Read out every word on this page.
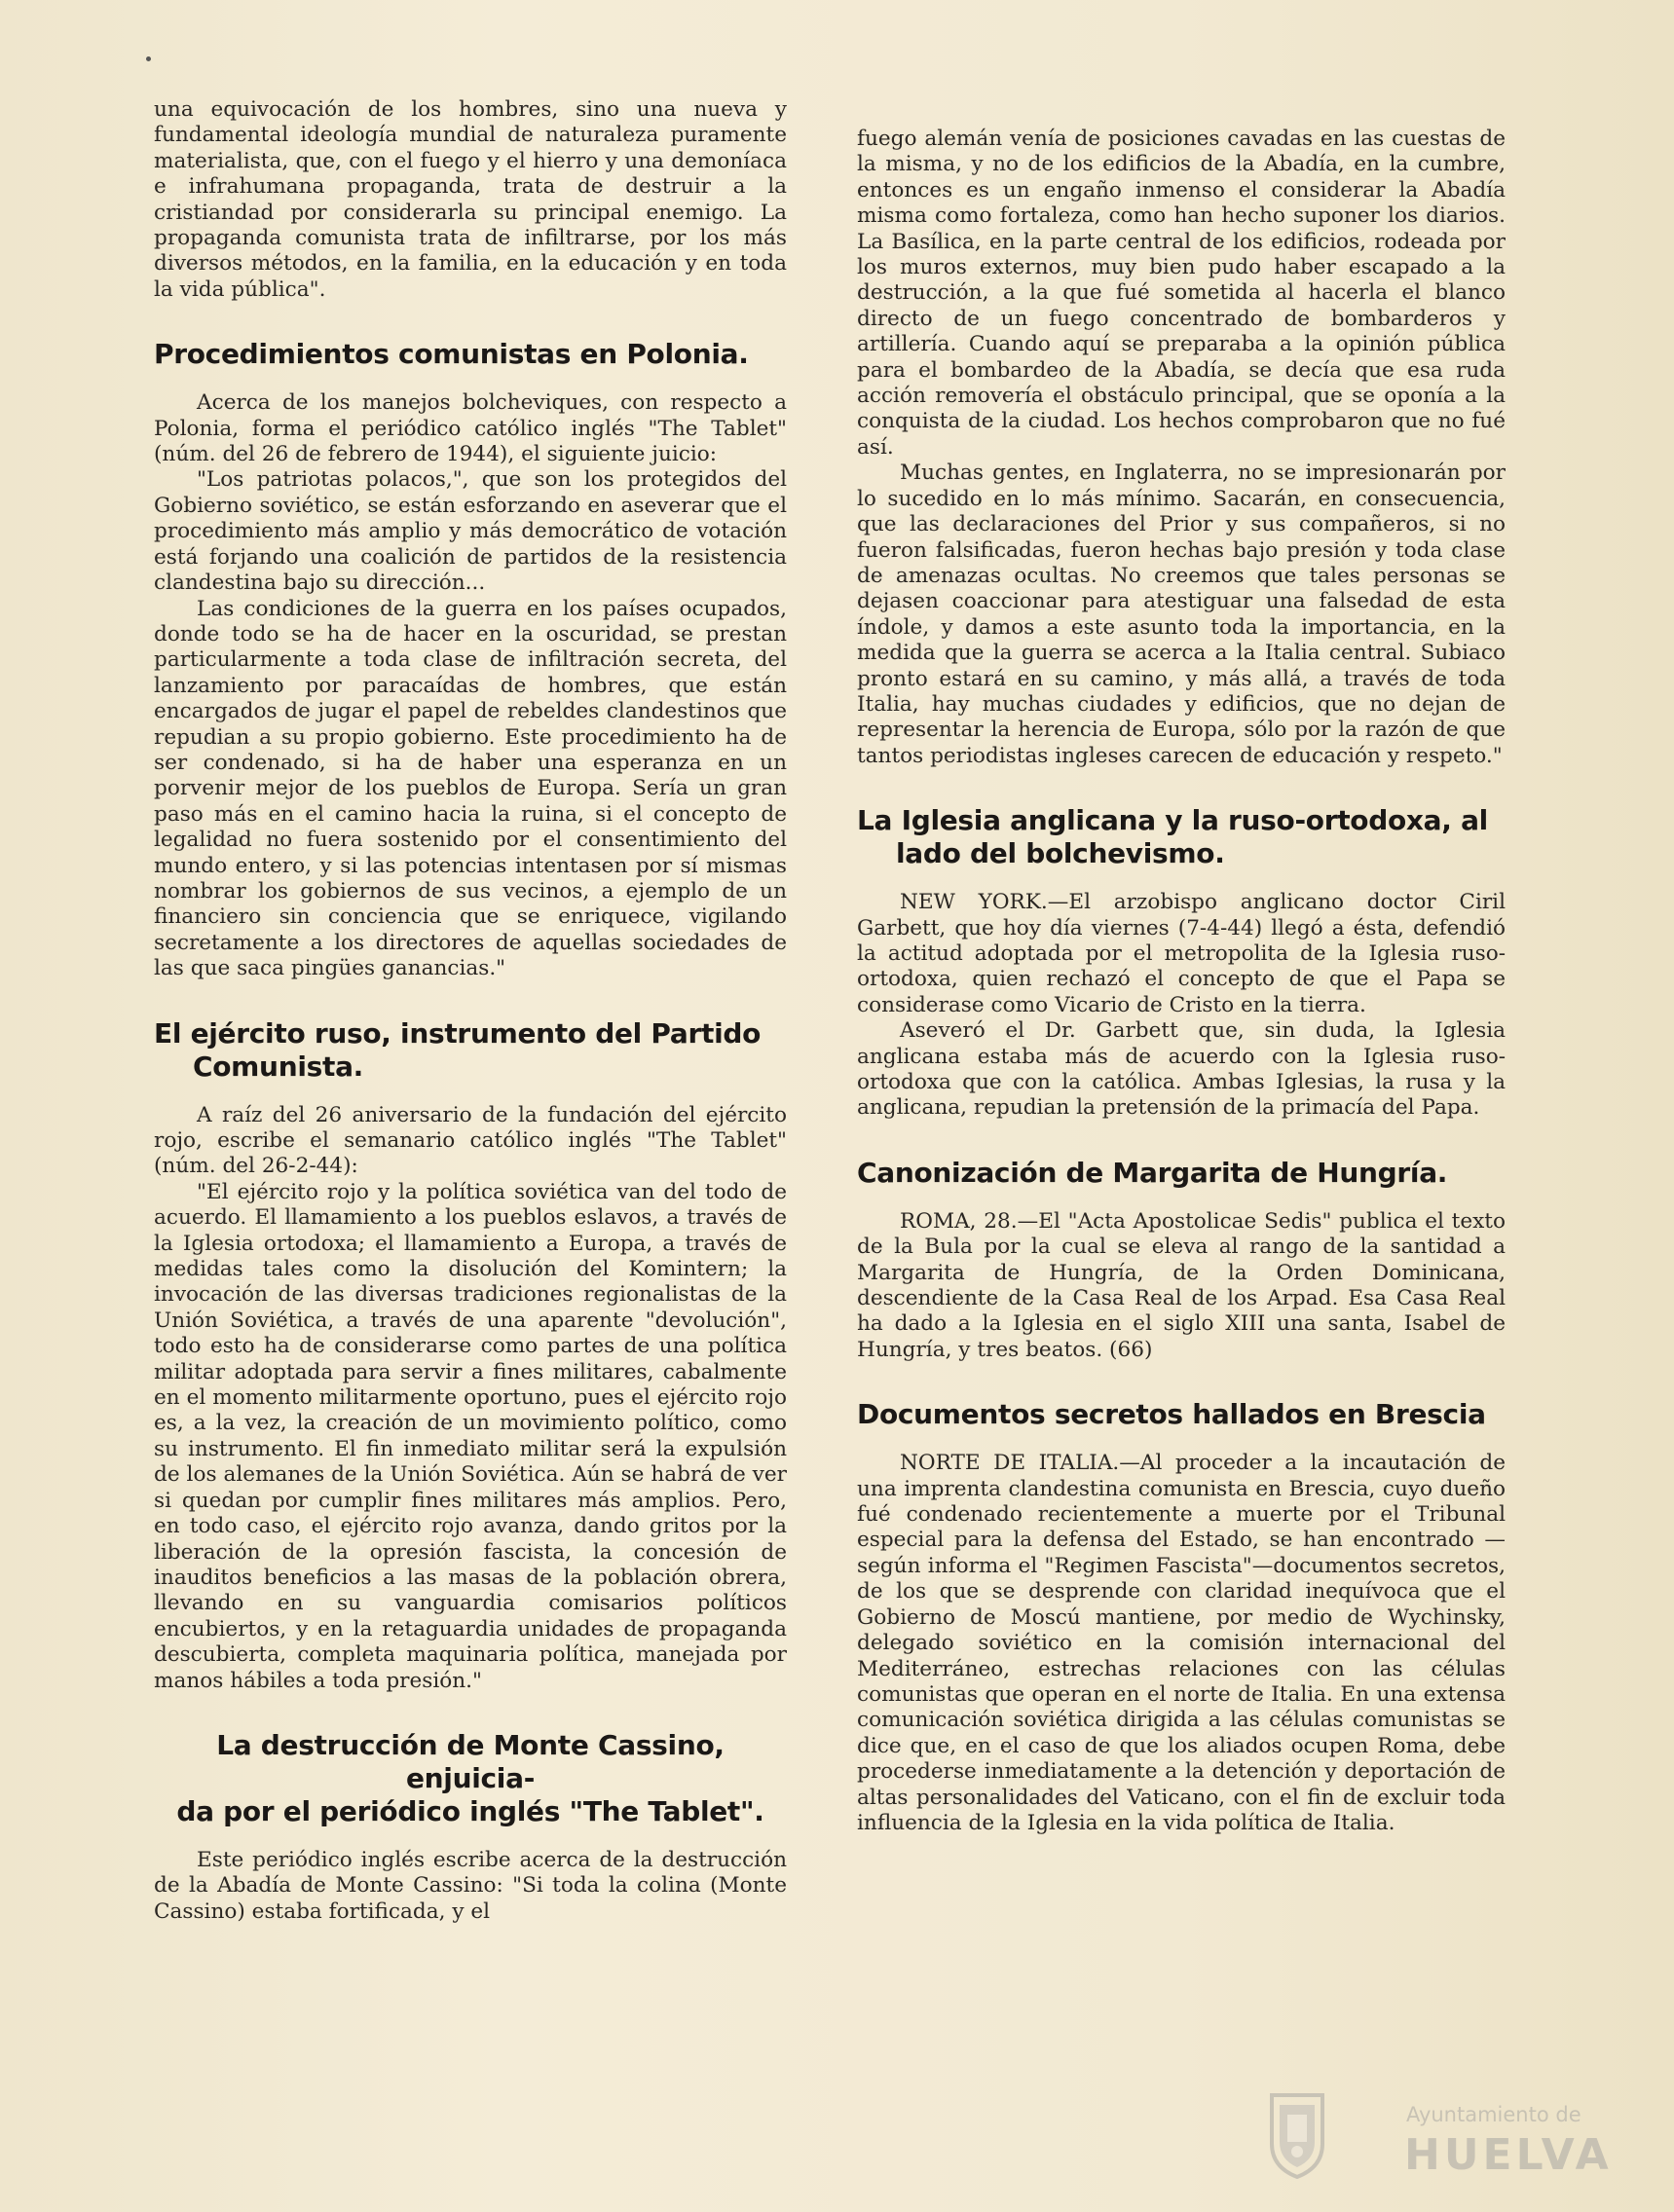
una equivocación de los hombres, sino una nueva y fundamental ideología mundial de naturaleza puramente materialista, que, con el fuego y el hierro y una demoníaca e infrahumana propaganda, trata de destruir a la cristiandad por considerarla su principal enemigo. La propaganda comunista trata de infiltrarse, por los más diversos métodos, en la familia, en la educación y en toda la vida pública".

Procedimientos comunistas en Polonia.

Acerca de los manejos bolcheviques, con respecto a Polonia, forma el periódico católico inglés "The Tablet" (núm. del 26 de febrero de 1944), el siguiente juicio:

"Los patriotas polacos,", que son los protegidos del Gobierno soviético, se están esforzando en aseverar que el procedimiento más amplio y más democrático de votación está forjando una coalición de partidos de la resistencia clandestina bajo su dirección...

Las condiciones de la guerra en los países ocupados, donde todo se ha de hacer en la oscuridad, se prestan particularmente a toda clase de infiltración secreta, del lanzamiento por paracaídas de hombres, que están encargados de jugar el papel de rebeldes clandestinos que repudian a su propio gobierno. Este procedimiento ha de ser condenado, si ha de haber una esperanza en un porvenir mejor de los pueblos de Europa. Sería un gran paso más en el camino hacia la ruina, si el concepto de legalidad no fuera sostenido por el consentimiento del mundo entero, y si las potencias intentasen por sí mismas nombrar los gobiernos de sus vecinos, a ejemplo de un financiero sin conciencia que se enriquece, vigilando secretamente a los directores de aquellas sociedades de las que saca pingües ganancias."

El ejército ruso, instrumento del Partido
Comunista.

A raíz del 26 aniversario de la fundación del ejército rojo, escribe el semanario católico inglés "The Tablet" (núm. del 26-2-44):

"El ejército rojo y la política soviética van del todo de acuerdo. El llamamiento a los pueblos eslavos, a través de la Iglesia ortodoxa; el llamamiento a Europa, a través de medidas tales como la disolución del Komintern; la invocación de las diversas tradiciones regionalistas de la Unión Soviética, a través de una aparente "devolución", todo esto ha de considerarse como partes de una política militar adoptada para servir a fines militares, cabalmente en el momento militarmente oportuno, pues el ejército rojo es, a la vez, la creación de un movimiento político, como su instrumento. El fin inmediato militar será la expulsión de los alemanes de la Unión Soviética. Aún se habrá de ver si quedan por cumplir fines militares más amplios. Pero, en todo caso, el ejército rojo avanza, dando gritos por la liberación de la opresión fascista, la concesión de inauditos beneficios a las masas de la población obrera, llevando en su vanguardia comisarios políticos encubiertos, y en la retaguardia unidades de propaganda descubierta, completa maquinaria política, manejada por manos hábiles a toda presión."

La destrucción de Monte Cassino, enjuicia-
da por el periódico inglés "The Tablet".

Este periódico inglés escribe acerca de la destrucción de la Abadía de Monte Cassino: "Si toda la colina (Monte Cassino) estaba fortificada, y el

fuego alemán venía de posiciones cavadas en las cuestas de la misma, y no de los edificios de la Abadía, en la cumbre, entonces es un engaño inmenso el considerar la Abadía misma como fortaleza, como han hecho suponer los diarios. La Basílica, en la parte central de los edificios, rodeada por los muros externos, muy bien pudo haber escapado a la destrucción, a la que fué sometida al hacerla el blanco directo de un fuego concentrado de bombarderos y artillería. Cuando aquí se preparaba a la opinión pública para el bombardeo de la Abadía, se decía que esa ruda acción removería el obstáculo principal, que se oponía a la conquista de la ciudad. Los hechos comprobaron que no fué así.

Muchas gentes, en Inglaterra, no se impresionarán por lo sucedido en lo más mínimo. Sacarán, en consecuencia, que las declaraciones del Prior y sus compañeros, si no fueron falsificadas, fueron hechas bajo presión y toda clase de amenazas ocultas. No creemos que tales personas se dejasen coaccionar para atestiguar una falsedad de esta índole, y damos a este asunto toda la importancia, en la medida que la guerra se acerca a la Italia central. Subiaco pronto estará en su camino, y más allá, a través de toda Italia, hay muchas ciudades y edificios, que no dejan de representar la herencia de Europa, sólo por la razón de que tantos periodistas ingleses carecen de educación y respeto."

La Iglesia anglicana y la ruso-ortodoxa, al
lado del bolchevismo.

NEW YORK.—El arzobispo anglicano doctor Ciril Garbett, que hoy día viernes (7-4-44) llegó a ésta, defendió la actitud adoptada por el metropolita de la Iglesia ruso-ortodoxa, quien rechazó el concepto de que el Papa se considerase como Vicario de Cristo en la tierra.

Aseveró el Dr. Garbett que, sin duda, la Iglesia anglicana estaba más de acuerdo con la Iglesia ruso-ortodoxa que con la católica. Ambas Iglesias, la rusa y la anglicana, repudian la pretensión de la primacía del Papa.

Canonización de Margarita de Hungría.

ROMA, 28.—El "Acta Apostolicae Sedis" publica el texto de la Bula por la cual se eleva al rango de la santidad a Margarita de Hungría, de la Orden Dominicana, descendiente de la Casa Real de los Arpad. Esa Casa Real ha dado a la Iglesia en el siglo XIII una santa, Isabel de Hungría, y tres beatos. (66)

Documentos secretos hallados en Brescia

NORTE DE ITALIA.—Al proceder a la incautación de una imprenta clandestina comunista en Brescia, cuyo dueño fué condenado recientemente a muerte por el Tribunal especial para la defensa del Estado, se han encontrado —según informa el "Regimen Fascista"—documentos secretos, de los que se desprende con claridad inequívoca que el Gobierno de Moscú mantiene, por medio de Wychinsky, delegado soviético en la comisión internacional del Mediterráneo, estrechas relaciones con las células comunistas que operan en el norte de Italia. En una extensa comunicación soviética dirigida a las células comunistas se dice que, en el caso de que los aliados ocupen Roma, debe procederse inmediatamente a la detención y deportación de altas personalidades del Vaticano, con el fin de excluir toda influencia de la Iglesia en la vida política de Italia.

Ayuntamiento de
HUELVA
